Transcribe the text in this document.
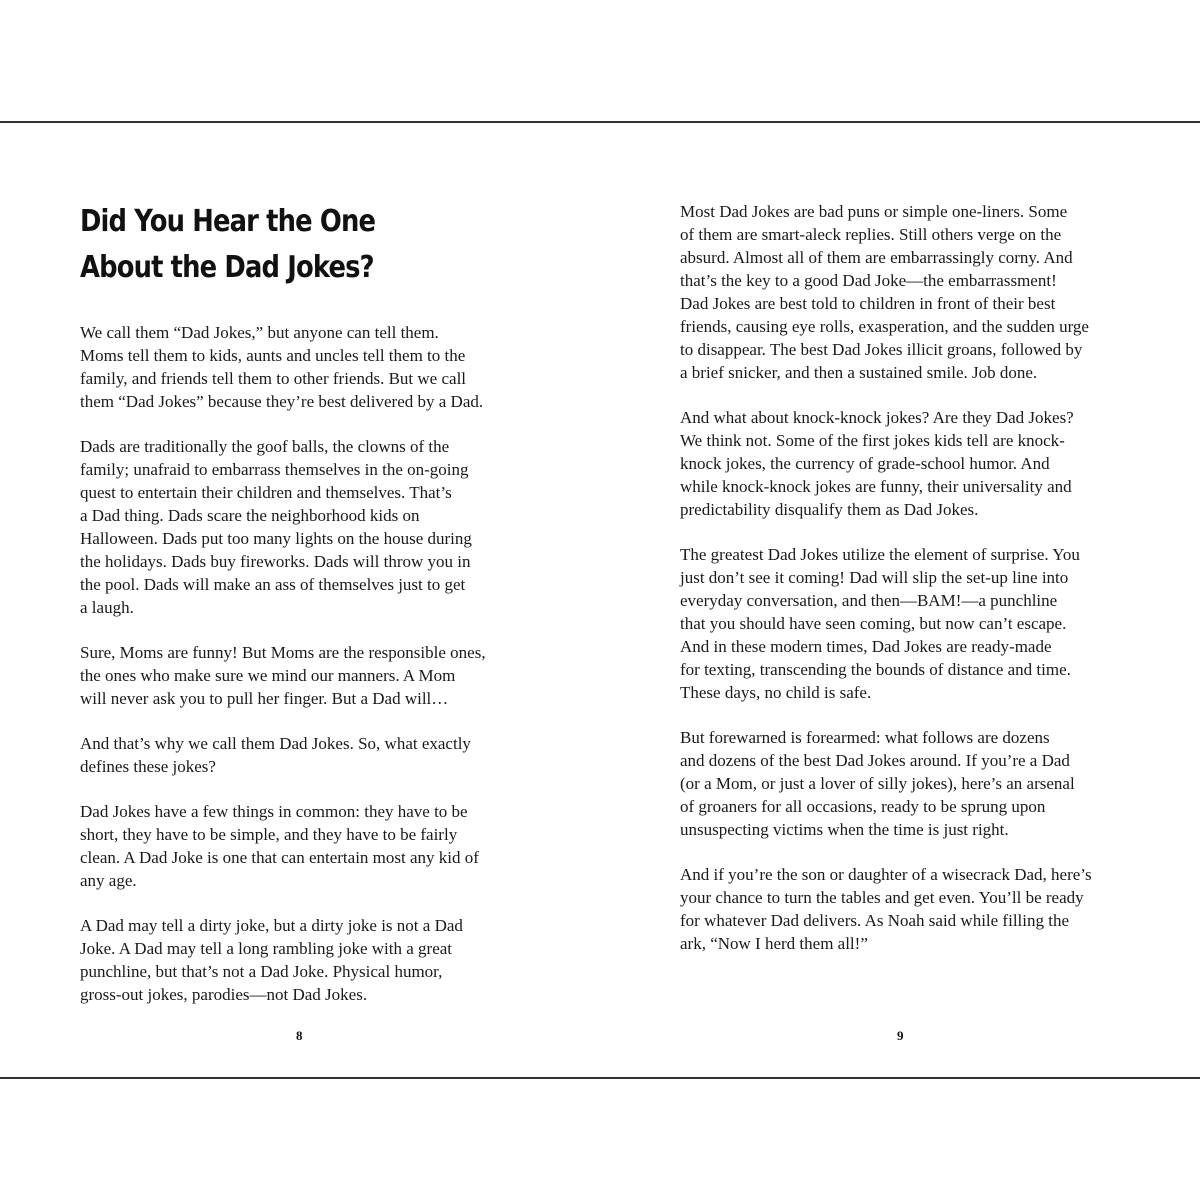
Did You Hear the One
About the Dad Jokes?

We call them “Dad Jokes,” but anyone can tell them.
Moms tell them to kids, aunts and uncles tell them to the
family, and friends tell them to other friends. But we call
them “Dad Jokes” because they’re best delivered by a Dad.

Dads are traditionally the goof balls, the clowns of the
family; unafraid to embarrass themselves in the on-going
quest to entertain their children and themselves. That’s
a Dad thing. Dads scare the neighborhood kids on
Halloween. Dads put too many lights on the house during
the holidays. Dads buy fireworks. Dads will throw you in
the pool. Dads will make an ass of themselves just to get
a laugh.

Sure, Moms are funny! But Moms are the responsible ones,
the ones who make sure we mind our manners. A Mom
will never ask you to pull her finger. But a Dad will…

And that’s why we call them Dad Jokes. So, what exactly
defines these jokes?

Dad Jokes have a few things in common: they have to be
short, they have to be simple, and they have to be fairly
clean. A Dad Joke is one that can entertain most any kid of
any age.

A Dad may tell a dirty joke, but a dirty joke is not a Dad
Joke. A Dad may tell a long rambling joke with a great
punchline, but that’s not a Dad Joke. Physical humor,
gross-out jokes, parodies—not Dad Jokes.

8

Most Dad Jokes are bad puns or simple one-liners. Some
of them are smart-aleck replies. Still others verge on the
absurd. Almost all of them are embarrassingly corny. And
that’s the key to a good Dad Joke—the embarrassment!
Dad Jokes are best told to children in front of their best
friends, causing eye rolls, exasperation, and the sudden urge
to disappear. The best Dad Jokes illicit groans, followed by
a brief snicker, and then a sustained smile. Job done.

And what about knock-knock jokes? Are they Dad Jokes?
We think not. Some of the first jokes kids tell are knock-
knock jokes, the currency of grade-school humor. And
while knock-knock jokes are funny, their universality and
predictability disqualify them as Dad Jokes.

The greatest Dad Jokes utilize the element of surprise. You
just don’t see it coming! Dad will slip the set-up line into
everyday conversation, and then—BAM!—a punchline
that you should have seen coming, but now can’t escape.
And in these modern times, Dad Jokes are ready-made
for texting, transcending the bounds of distance and time.
These days, no child is safe.

But forewarned is forearmed: what follows are dozens
and dozens of the best Dad Jokes around. If you’re a Dad
(or a Mom, or just a lover of silly jokes), here’s an arsenal
of groaners for all occasions, ready to be sprung upon
unsuspecting victims when the time is just right.

And if you’re the son or daughter of a wisecrack Dad, here’s
your chance to turn the tables and get even. You’ll be ready
for whatever Dad delivers. As Noah said while filling the
ark, “Now I herd them all!”

9
